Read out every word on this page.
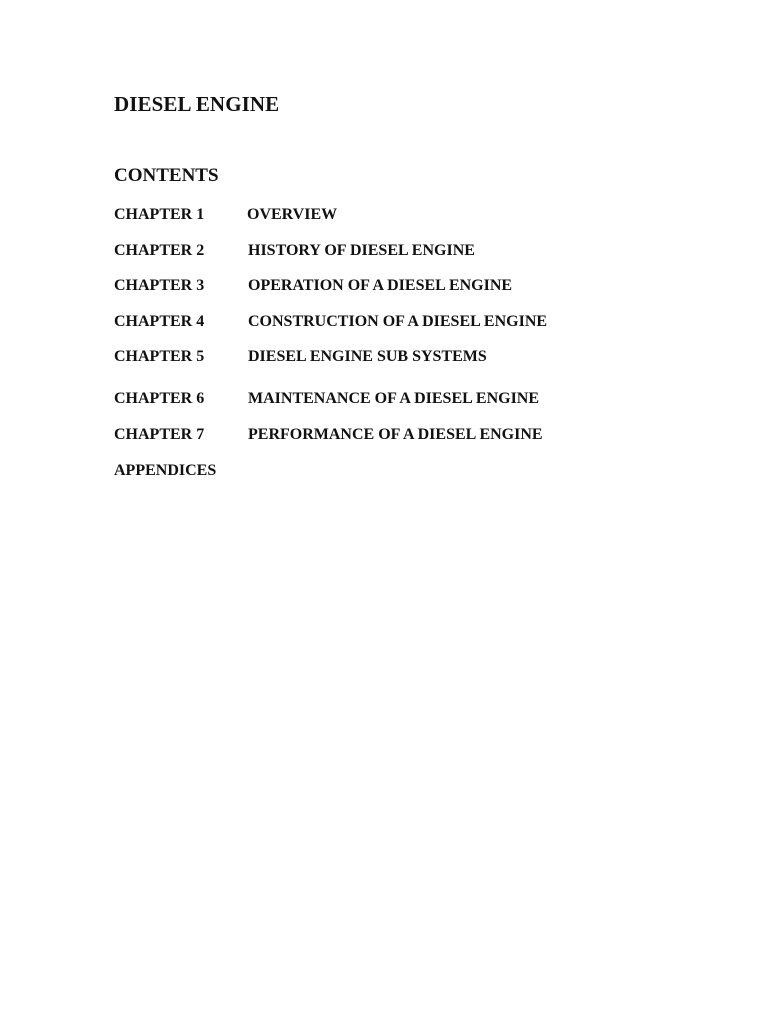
DIESEL ENGINE
CONTENTS
CHAPTER 1	OVERVIEW
CHAPTER 2	HISTORY OF DIESEL ENGINE
CHAPTER 3	OPERATION OF A DIESEL ENGINE
CHAPTER 4	CONSTRUCTION OF A DIESEL ENGINE
CHAPTER 5	DIESEL ENGINE SUB SYSTEMS
CHAPTER 6	MAINTENANCE OF A DIESEL ENGINE
CHAPTER 7	PERFORMANCE OF A DIESEL ENGINE
APPENDICES
